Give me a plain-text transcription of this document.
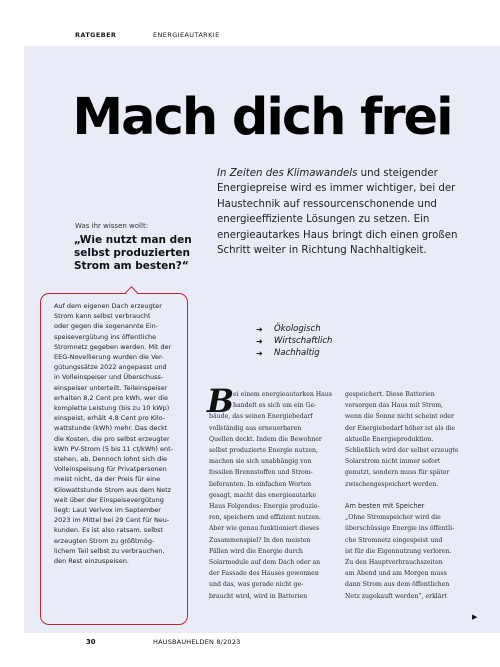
RATGEBER	ENERGIEAUTARKIE
Mach dich frei
In Zeiten des Klimawandels und steigender Energiepreise wird es immer wichtiger, bei der Haustechnik auf ressourcenschonende und energieeffiziente Lösungen zu setzen. Ein energieautarkes Haus bringt dich einen großen Schritt weiter in Richtung Nachhaltigkeit.
Was ihr wissen wollt:
„Wie nutzt man den selbst produzierten Strom am besten?“
Auf dem eigenen Dach erzeugter
Strom kann selbst verbraucht
oder gegen die sogenannte Ein-
speisevergütung ins öffentliche
Stromnetz gegeben werden. Mit der
EEG-Novellierung wurden die Ver-
gütungssätze 2022 angepasst und
in Volleinspeiser und Überschuss-
einspeiser unterteilt. Teileinspeiser
erhalten 8,2 Cent pro kWh, wer die
komplette Leistung (bis zu 10 kWp)
einspeist, erhält 4,8 Cent pro Kilo-
wattstunde (kWh) mehr. Das deckt
die Kosten, die pro selbst erzeugter
kWh PV-Strom (5 bis 11 ct/kWh) ent-
stehen, ab. Dennoch lohnt sich die
Volleinspeisung für Privatpersonen
meist nicht, da der Preis für eine
Kilowattstunde Strom aus dem Netz
weit über der Einspeisevergütung
liegt: Laut Verivox im September
2023 im Mittel bei 29 Cent für Neu-
kunden. Es ist also ratsam, selbst
erzeugten Strom zu größtmög-
lichem Teil selbst zu verbrauchen,
den Rest einzuspeisen.
➜	Ökologisch
➜	Wirtschaftlich
➜	Nachhaltig
B
ei einem energieautarken Haus
handelt es sich um ein Ge-
bäude, das seinen Energiebedarf
vollständig aus erneuerbaren
Quellen deckt. Indem die Bewohner
selbst produzierte Energie nutzen,
machen sie sich unabhängig von
fossilen Brennstoffen und Strom-
lieferanten. In einfachen Worten
gesagt, macht das energieautarke
Haus Folgendes: Energie produzie-
ren, speichern und effizient nutzen.
Aber wie genau funktioniert dieses
Zusammenspiel? In den meisten
Fällen wird die Energie durch
Solarmodule auf dem Dach oder an
der Fassade des Hauses gewonnen
und das, was gerade nicht ge-
braucht wird, wird in Batterien
gespeichert. Diese Batterien
versorgen das Haus mit Strom,
wenn die Sonne nicht scheint oder
der Energiebedarf höher ist als die
aktuelle Energieproduktion.
Schließlich wird der selbst erzeugte
Solarstrom nicht immer sofort
genutzt, sondern muss für später
zwischengespeichert werden.

Am besten mit Speicher
„Ohne Stromspeicher wird die
überschüssige Energie ins öffentli-
che Stromnetz eingespeist und
ist für die Eigennutzung verloren.
Zu den Hauptverbrauchszeiten
am Abend und am Morgen muss
dann Strom aus dem öffentlichen
Netz zugekauft werden“, erklärt
▶
30	HAUSBAUHELDEN 8/2023
